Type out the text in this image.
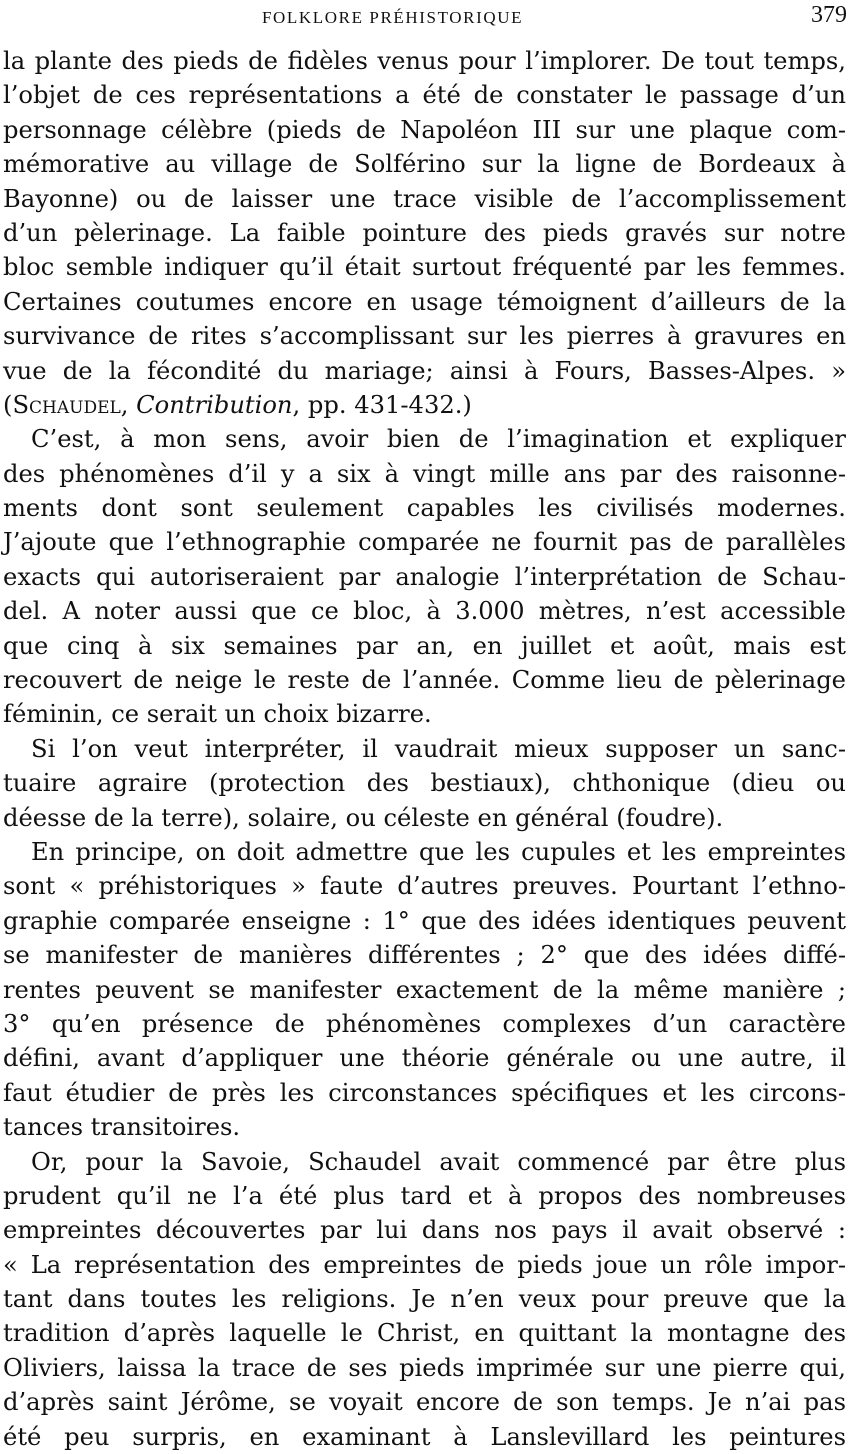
FOLKLORE PRÉHISTORIQUE	379
la plante des pieds de fidèles venus pour l’implorer. De tout temps,
l’objet de ces représentations a été de constater le passage d’un
personnage célèbre (pieds de Napoléon III sur une plaque com-
mémorative au village de Solférino sur la ligne de Bordeaux à
Bayonne) ou de laisser une trace visible de l’accomplissement
d’un pèlerinage. La faible pointure des pieds gravés sur notre
bloc semble indiquer qu’il était surtout fréquenté par les femmes.
Certaines coutumes encore en usage témoignent d’ailleurs de la
survivance de rites s’accomplissant sur les pierres à gravures en
vue de la fécondité du mariage; ainsi à Fours, Basses-Alpes. »
(Schaudel, Contribution, pp. 431-432.)
C’est, à mon sens, avoir bien de l’imagination et expliquer
des phénomènes d’il y a six à vingt mille ans par des raisonne-
ments dont sont seulement capables les civilisés modernes.
J’ajoute que l’ethnographie comparée ne fournit pas de parallèles
exacts qui autoriseraient par analogie l’interprétation de Schau-
del. A noter aussi que ce bloc, à 3.000 mètres, n’est accessible
que cinq à six semaines par an, en juillet et août, mais est
recouvert de neige le reste de l’année. Comme lieu de pèlerinage
féminin, ce serait un choix bizarre.
Si l’on veut interpréter, il vaudrait mieux supposer un sanc-
tuaire agraire (protection des bestiaux), chthonique (dieu ou
déesse de la terre), solaire, ou céleste en général (foudre).
En principe, on doit admettre que les cupules et les empreintes
sont « préhistoriques » faute d’autres preuves. Pourtant l’ethno-
graphie comparée enseigne : 1° que des idées identiques peuvent
se manifester de manières différentes ; 2° que des idées diffé-
rentes peuvent se manifester exactement de la même manière ;
3° qu’en présence de phénomènes complexes d’un caractère
défini, avant d’appliquer une théorie générale ou une autre, il
faut étudier de près les circonstances spécifiques et les circons-
tances transitoires.
Or, pour la Savoie, Schaudel avait commencé par être plus
prudent qu’il ne l’a été plus tard et à propos des nombreuses
empreintes découvertes par lui dans nos pays il avait observé :
« La représentation des empreintes de pieds joue un rôle impor-
tant dans toutes les religions. Je n’en veux pour preuve que la
tradition d’après laquelle le Christ, en quittant la montagne des
Oliviers, laissa la trace de ses pieds imprimée sur une pierre qui,
d’après saint Jérôme, se voyait encore de son temps. Je n’ai pas
été peu surpris, en examinant à Lanslevillard les peintures
